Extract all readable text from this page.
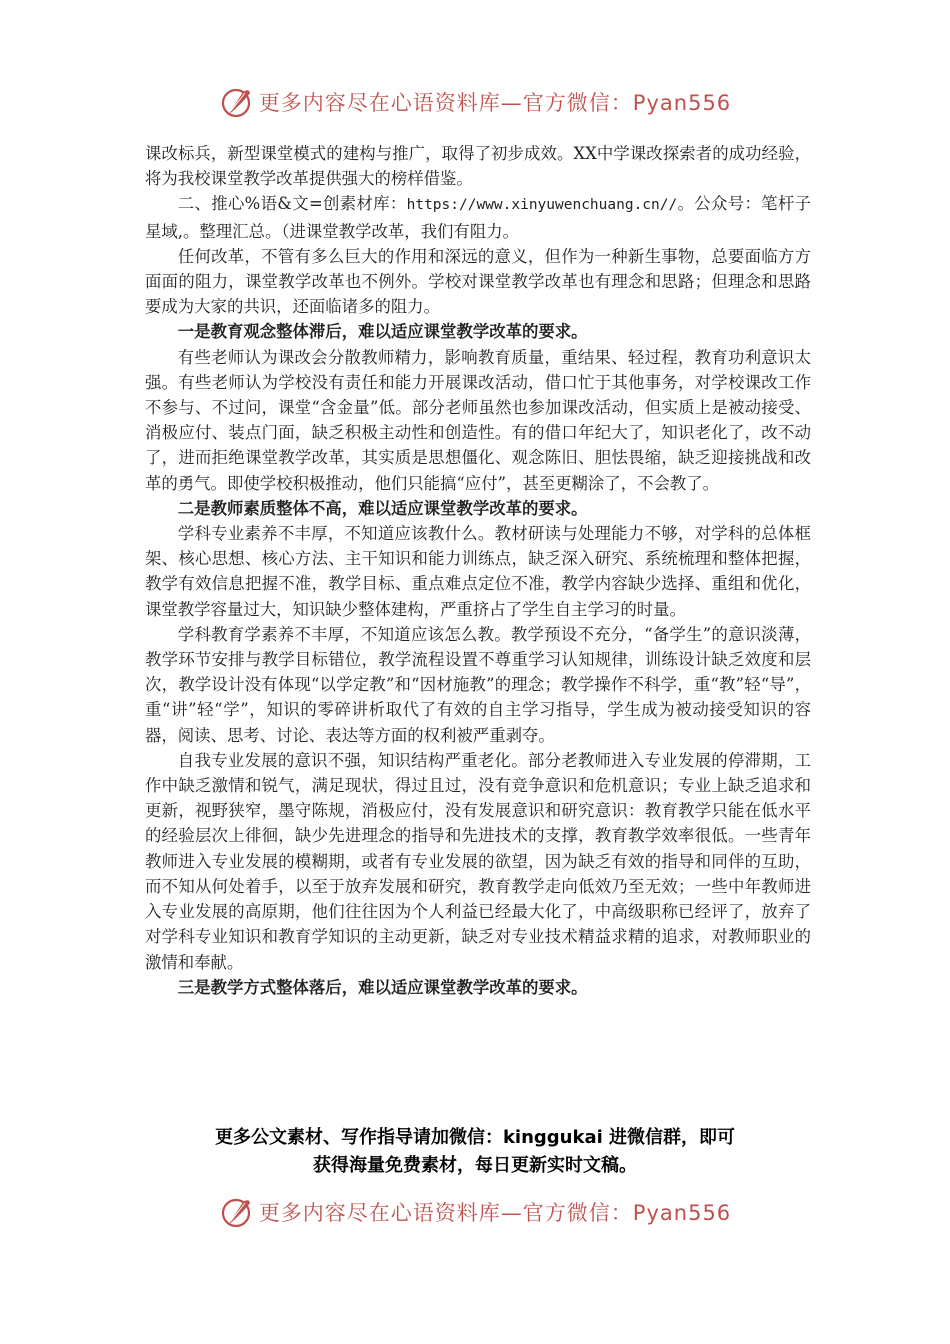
更多内容尽在心语资料库—官方微信：Pyan556

课改标兵，新型课堂模式的建构与推广，取得了初步成效。XX中学课改探索者的成功经验，将为我校课堂教学改革提供强大的榜样借鉴。

二、推心%语&文=创素材库：https://www.xinyuwenchuang.cn//。公众号：笔杆子星域,。整理汇总。（进课堂教学改革，我们有阻力。

任何改革，不管有多么巨大的作用和深远的意义，但作为一种新生事物，总要面临方方面面的阻力，课堂教学改革也不例外。学校对课堂教学改革也有理念和思路；但理念和思路要成为大家的共识，还面临诸多的阻力。

一是教育观念整体滞后，难以适应课堂教学改革的要求。

有些老师认为课改会分散教师精力，影响教育质量，重结果、轻过程，教育功利意识太强。有些老师认为学校没有责任和能力开展课改活动，借口忙于其他事务，对学校课改工作不参与、不过问，课堂“含金量”低。部分老师虽然也参加课改活动，但实质上是被动接受、消极应付、装点门面，缺乏积极主动性和创造性。有的借口年纪大了，知识老化了，改不动了，进而拒绝课堂教学改革，其实质是思想僵化、观念陈旧、胆怯畏缩，缺乏迎接挑战和改革的勇气。即使学校积极推动，他们只能搞“应付”，甚至更糊涂了，不会教了。

二是教师素质整体不高，难以适应课堂教学改革的要求。

学科专业素养不丰厚，不知道应该教什么。教材研读与处理能力不够，对学科的总体框架、核心思想、核心方法、主干知识和能力训练点，缺乏深入研究、系统梳理和整体把握，教学有效信息把握不准，教学目标、重点难点定位不准，教学内容缺少选择、重组和优化，课堂教学容量过大，知识缺少整体建构，严重挤占了学生自主学习的时量。

学科教育学素养不丰厚，不知道应该怎么教。教学预设不充分，“备学生”的意识淡薄，教学环节安排与教学目标错位，教学流程设置不尊重学习认知规律，训练设计缺乏效度和层次，教学设计没有体现“以学定教”和“因材施教”的理念；教学操作不科学，重“教”轻“导”，重“讲”轻“学”，知识的零碎讲析取代了有效的自主学习指导，学生成为被动接受知识的容器，阅读、思考、讨论、表达等方面的权利被严重剥夺。

自我专业发展的意识不强，知识结构严重老化。部分老教师进入专业发展的停滞期，工作中缺乏激情和锐气，满足现状，得过且过，没有竞争意识和危机意识；专业上缺乏追求和更新，视野狭窄，墨守陈规，消极应付，没有发展意识和研究意识：教育教学只能在低水平的经验层次上徘徊，缺少先进理念的指导和先进技术的支撑，教育教学效率很低。一些青年教师进入专业发展的模糊期，或者有专业发展的欲望，因为缺乏有效的指导和同伴的互助，而不知从何处着手，以至于放弃发展和研究，教育教学走向低效乃至无效；一些中年教师进入专业发展的高原期，他们往往因为个人利益已经最大化了，中高级职称已经评了，放弃了对学科专业知识和教育学知识的主动更新，缺乏对专业技术精益求精的追求，对教师职业的激情和奉献。

三是教学方式整体落后，难以适应课堂教学改革的要求。

更多公文素材、写作指导请加微信：kinggukai 进微信群，即可
获得海量免费素材，每日更新实时文稿。
更多内容尽在心语资料库—官方微信：Pyan556
